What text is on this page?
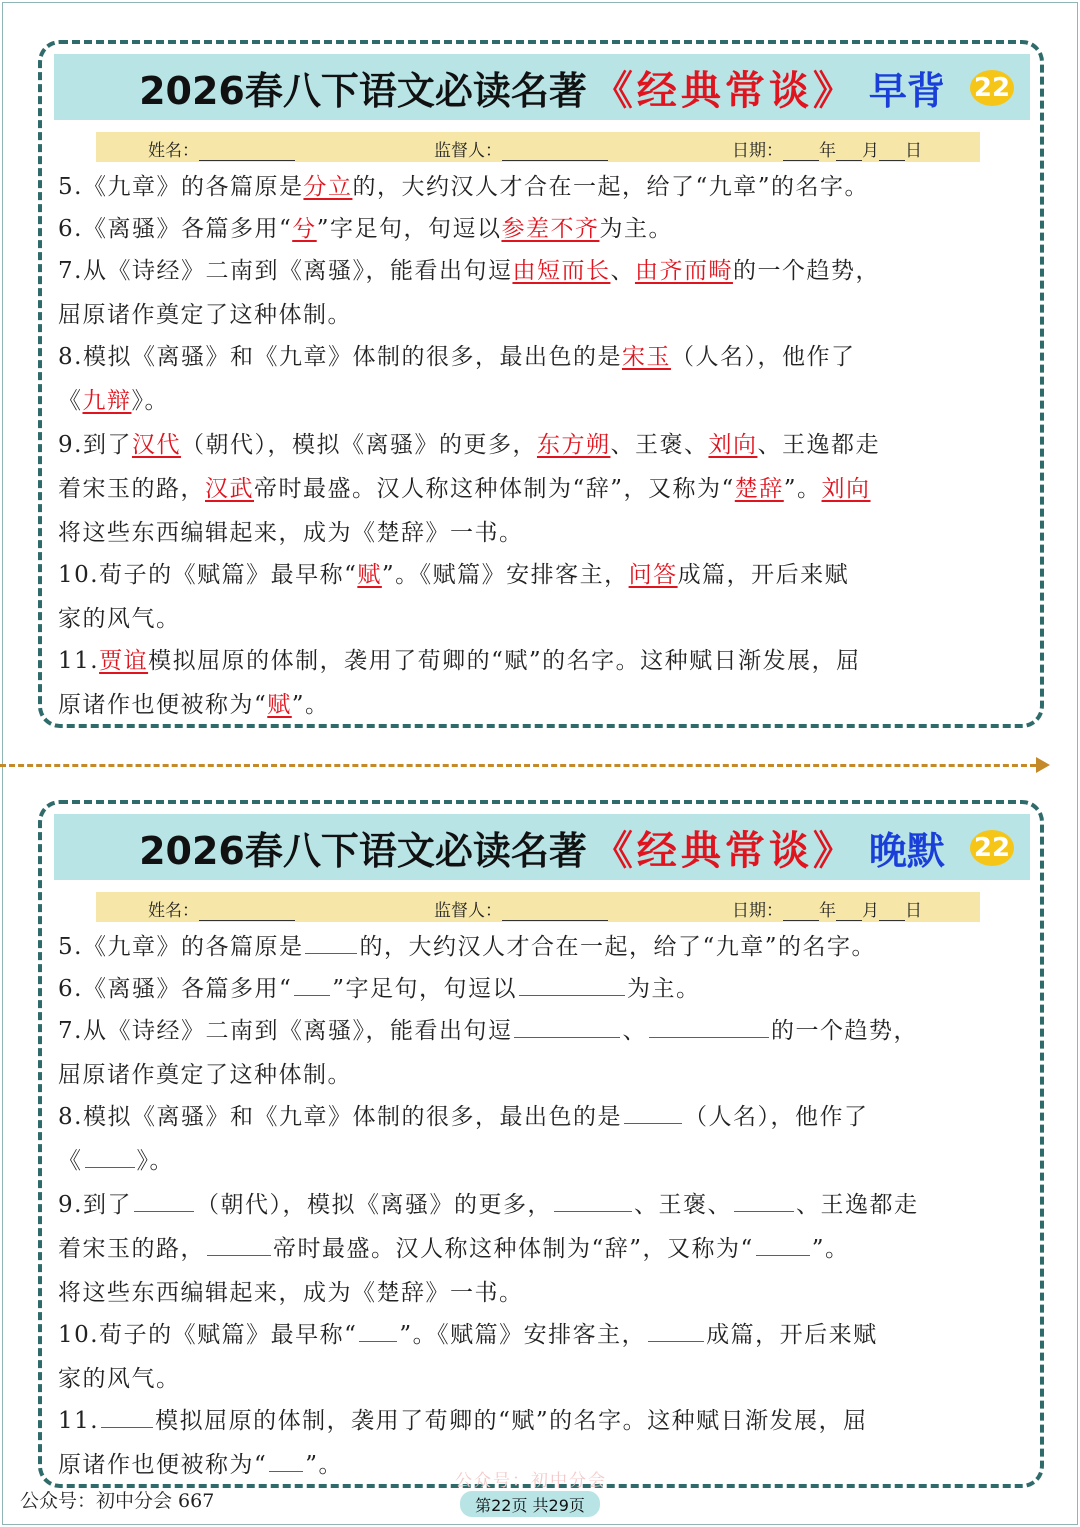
2026春八下语文必读名著 《经典常谈》 早背 22
姓名：	监督人：	日期： 年 月 日
5.《九章》的各篇原是分立的，大约汉人才合在一起，给了“九章”的名字。
6.《离骚》各篇多用“兮”字足句，句逗以参差不齐为主。
7.从《诗经》二南到《离骚》，能看出句逗由短而长、由齐而畸的一个趋势，
屈原诸作奠定了这种体制。
8.模拟《离骚》和《九章》体制的很多，最出色的是宋玉（人名），他作了
《九辩》。
9.到了汉代（朝代），模拟《离骚》的更多，东方朔、王褒、刘向、王逸都走
着宋玉的路，汉武帝时最盛。汉人称这种体制为“辞”，又称为“楚辞”。刘向
将这些东西编辑起来，成为《楚辞》一书。
10.荀子的《赋篇》最早称“赋”。《赋篇》安排客主，问答成篇，开后来赋
家的风气。
11.贾谊模拟屈原的体制，袭用了荀卿的“赋”的名字。这种赋日渐发展，屈
原诸作也便被称为“赋”。
2026春八下语文必读名著 《经典常谈》 晚默 22
姓名：	监督人：	日期： 年 月 日
5.《九章》的各篇原是 的，大约汉人才合在一起，给了“九章”的名字。
6.《离骚》各篇多用“ ”字足句，句逗以	为主。
7.从《诗经》二南到《离骚》，能看出句逗	、	的一个趋势，
屈原诸作奠定了这种体制。
8.模拟《离骚》和《九章》体制的很多，最出色的是	（人名），他作了
《 》。
9.到了	（朝代），模拟《离骚》的更多，	、王褒、	、王逸都走
着宋玉的路，	帝时最盛。汉人称这种体制为“辞”，又称为“	”。
将这些东西编辑起来，成为《楚辞》一书。
10.荀子的《赋篇》最早称“ ”。《赋篇》安排客主，	成篇，开后来赋
家的风气。
11. 模拟屈原的体制，袭用了荀卿的“赋”的名字。这种赋日渐发展，屈
原诸作也便被称为“ ”。
公众号：初中分会
公众号：初中分会 667	第22页 共29页
